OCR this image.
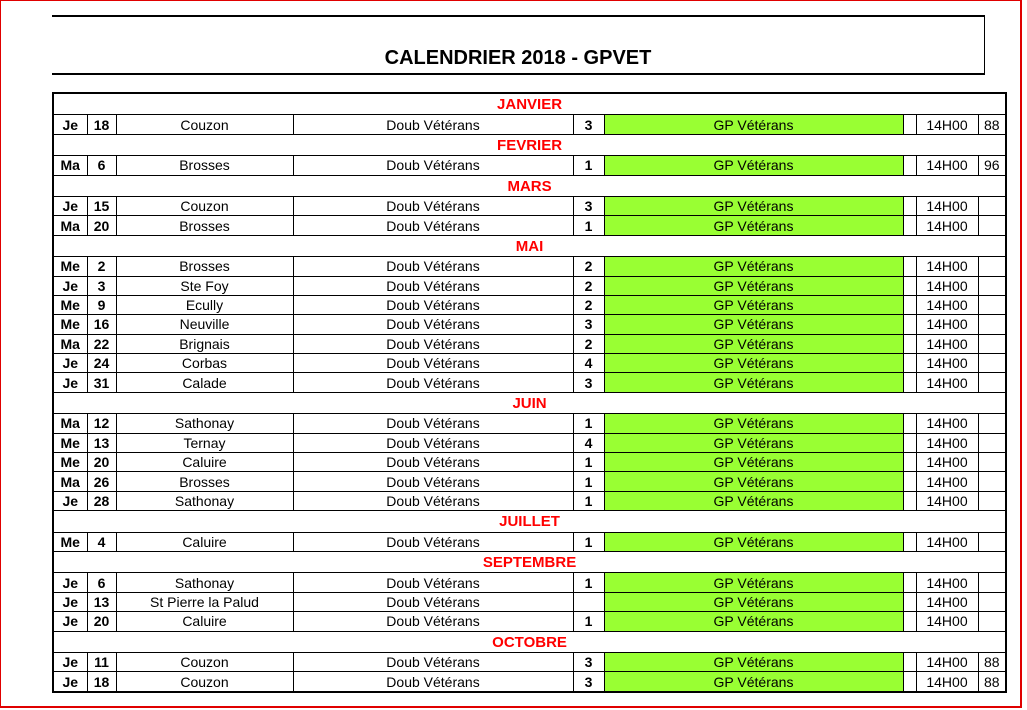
CALENDRIER 2018 - GPVET
JANVIER								
Je	18	Couzon	Doub Vétérans	3	GP Vétérans		14H00	88
FEVRIER								
Ma	6	Brosses	Doub Vétérans	1	GP Vétérans		14H00	96
MARS								
Je	15	Couzon	Doub Vétérans	3	GP Vétérans		14H00	
Ma	20	Brosses	Doub Vétérans	1	GP Vétérans		14H00	
MAI								
Me	2	Brosses	Doub Vétérans	2	GP Vétérans		14H00	
Je	3	Ste Foy	Doub Vétérans	2	GP Vétérans		14H00	
Me	9	Ecully	Doub Vétérans	2	GP Vétérans		14H00	
Me	16	Neuville	Doub Vétérans	3	GP Vétérans		14H00	
Ma	22	Brignais	Doub Vétérans	2	GP Vétérans		14H00	
Je	24	Corbas	Doub Vétérans	4	GP Vétérans		14H00	
Je	31	Calade	Doub Vétérans	3	GP Vétérans		14H00	
JUIN								
Ma	12	Sathonay	Doub Vétérans	1	GP Vétérans		14H00	
Me	13	Ternay	Doub Vétérans	4	GP Vétérans		14H00	
Me	20	Caluire	Doub Vétérans	1	GP Vétérans		14H00	
Ma	26	Brosses	Doub Vétérans	1	GP Vétérans		14H00	
Je	28	Sathonay	Doub Vétérans	1	GP Vétérans		14H00	
JUILLET								
Me	4	Caluire	Doub Vétérans	1	GP Vétérans		14H00	
SEPTEMBRE								
Je	6	Sathonay	Doub Vétérans	1	GP Vétérans		14H00	
Je	13	St Pierre la Palud	Doub Vétérans		GP Vétérans		14H00	
Je	20	Caluire	Doub Vétérans	1	GP Vétérans		14H00	
OCTOBRE								
Je	11	Couzon	Doub Vétérans	3	GP Vétérans		14H00	88
Je	18	Couzon	Doub Vétérans	3	GP Vétérans		14H00	88
